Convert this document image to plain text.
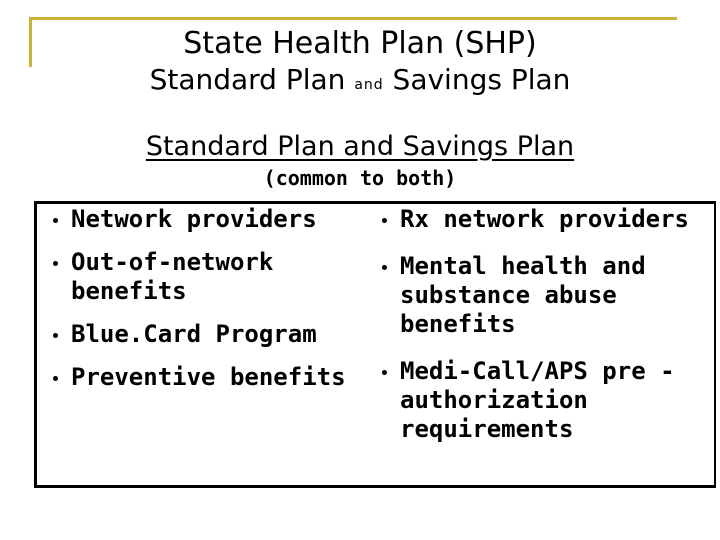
State Health Plan (SHP)
Standard Plan and Savings Plan
Standard Plan and Savings Plan
(common to both)
Network providers
Out-of-network benefits
Blue.Card Program
Preventive benefits
Rx network providers
Mental health and substance abuse benefits
Medi-Call/APS pre -authorization requirements
